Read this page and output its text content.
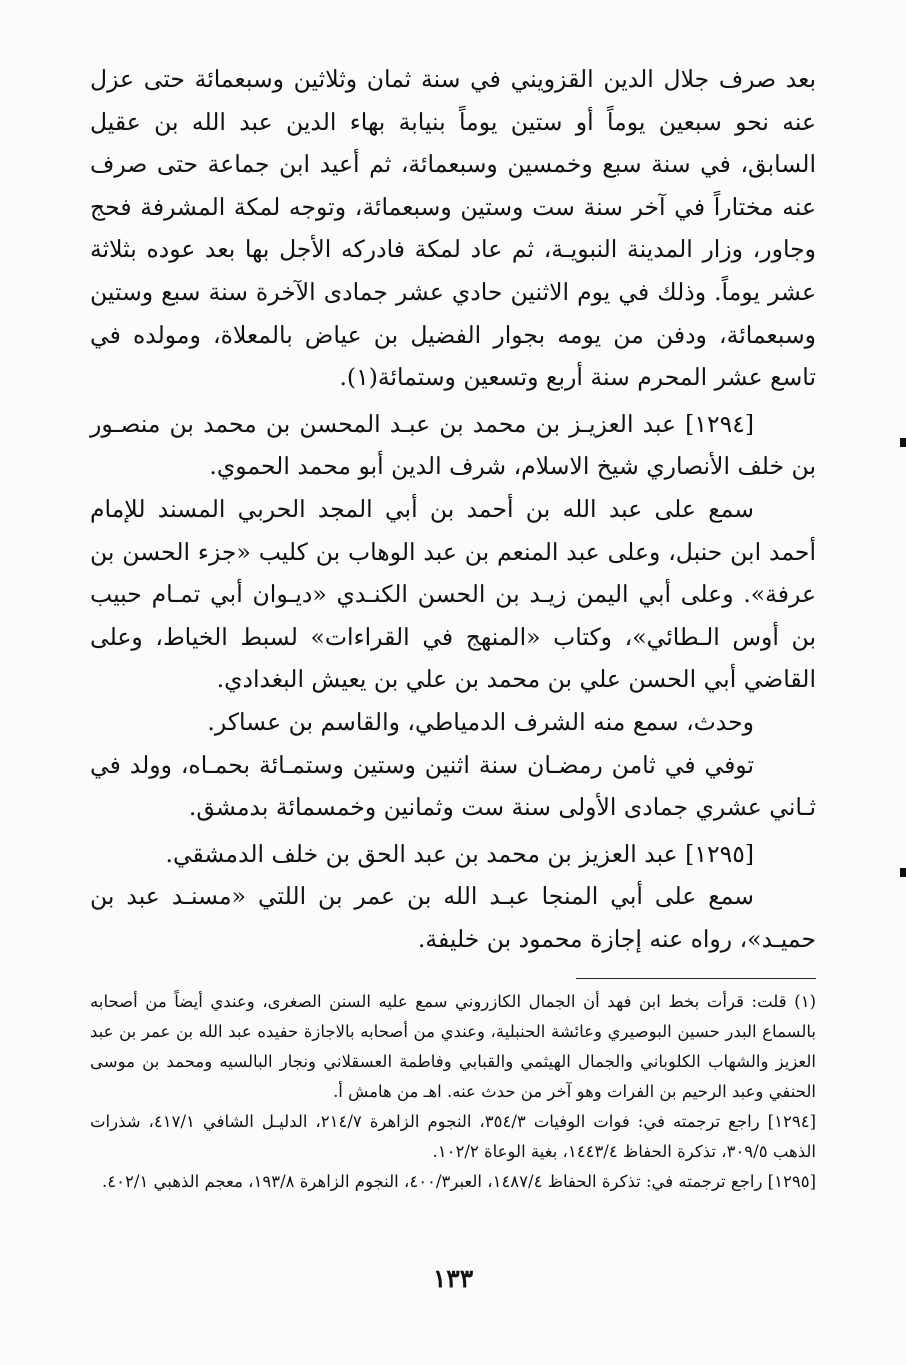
بعد صرف جلال الدين القزويني في سنة ثمان وثلاثين وسبعمائة حتى عزل عنه نحو سبعين يوماً أو ستين يوماً بنيابة بهاء الدين عبد الله بن عقيل السابق، في سنة سبع وخمسين وسبعمائة، ثم أعيد ابن جماعة حتى صرف عنه مختاراً في آخر سنة ست وستين وسبعمائة، وتوجه لمكة المشرفة فحج وجاور، وزار المدينة النبويـة، ثم عاد لمكة فادركه الأجل بها بعد عوده بثلاثة عشر يوماً. وذلك في يوم الاثنين حادي عشر جمادى الآخرة سنة سبع وستين وسبعمائة، ودفن من يومه بجوار الفضيل بن عياض بالمعلاة، ومولده في تاسع عشر المحرم سنة أربع وتسعين وستمائة(١).

[١٢٩٤] عبد العزيـز بن محمد بن عبـد المحسن بن محمد بن منصـور بن خلف الأنصاري شيخ الاسلام، شرف الدين أبو محمد الحموي.

سمع على عبد الله بن أحمد بن أبي المجد الحربي المسند للإمام أحمد ابن حنبل، وعلى عبد المنعم بن عبد الوهاب بن كليب «جزء الحسن بن عرفة». وعلى أبي اليمن زيـد بن الحسن الكنـدي «ديـوان أبي تمـام حبيب بن أوس الـطائي»، وكتاب «المنهج في القراءات» لسبط الخياط، وعلى القاضي أبي الحسن علي بن محمد بن علي بن يعيش البغدادي.

وحدث، سمع منه الشرف الدمياطي، والقاسم بن عساكر.

توفي في ثامن رمضـان سنة اثنين وستين وستمـائة بحمـاه، وولد في ثـاني عشري جمادى الأولى سنة ست وثمانين وخمسمائة بدمشق.

[١٢٩٥] عبد العزيز بن محمد بن عبد الحق بن خلف الدمشقي.

سمع على أبي المنجا عبـد الله بن عمر بن اللتي «مسنـد عبد بن حميـد»، رواه عنه إجازة محمود بن خليفة.

(١) قلت: قرأت بخط ابن فهد أن الجمال الكازروني سمع عليه السنن الصغرى، وعندي أيضاً من أصحابه بالسماع البدر حسين البوصيري وعائشة الحنبلية، وعندي من أصحابه بالاجازة حفيده عبد الله بن عمر بن عبد العزيز والشهاب الكلوباني والجمال الهيثمي والقبابي وفاطمة العسقلاني ونجار البالسيه ومحمد بن موسى الحنفي وعبد الرحيم بن الفرات وهو آخر من حدث عنه. اهـ من هامش أ.

[١٢٩٤] راجع ترجمته في: فوات الوفيات ٣٥٤/٣، النجوم الزاهرة ٢١٤/٧، الدليـل الشافي ٤١٧/١، شذرات الذهب ٣٠٩/٥، تذكرة الحفاظ ١٤٤٣/٤، بغية الوعاة ١٠٢/٢.

[١٢٩٥] راجع ترجمته في: تذكرة الحفاظ ١٤٨٧/٤، العبر٤٠٠/٣، النجوم الزاهرة ١٩٣/٨، معجم الذهبي ٤٠٢/١.

١٣٣
